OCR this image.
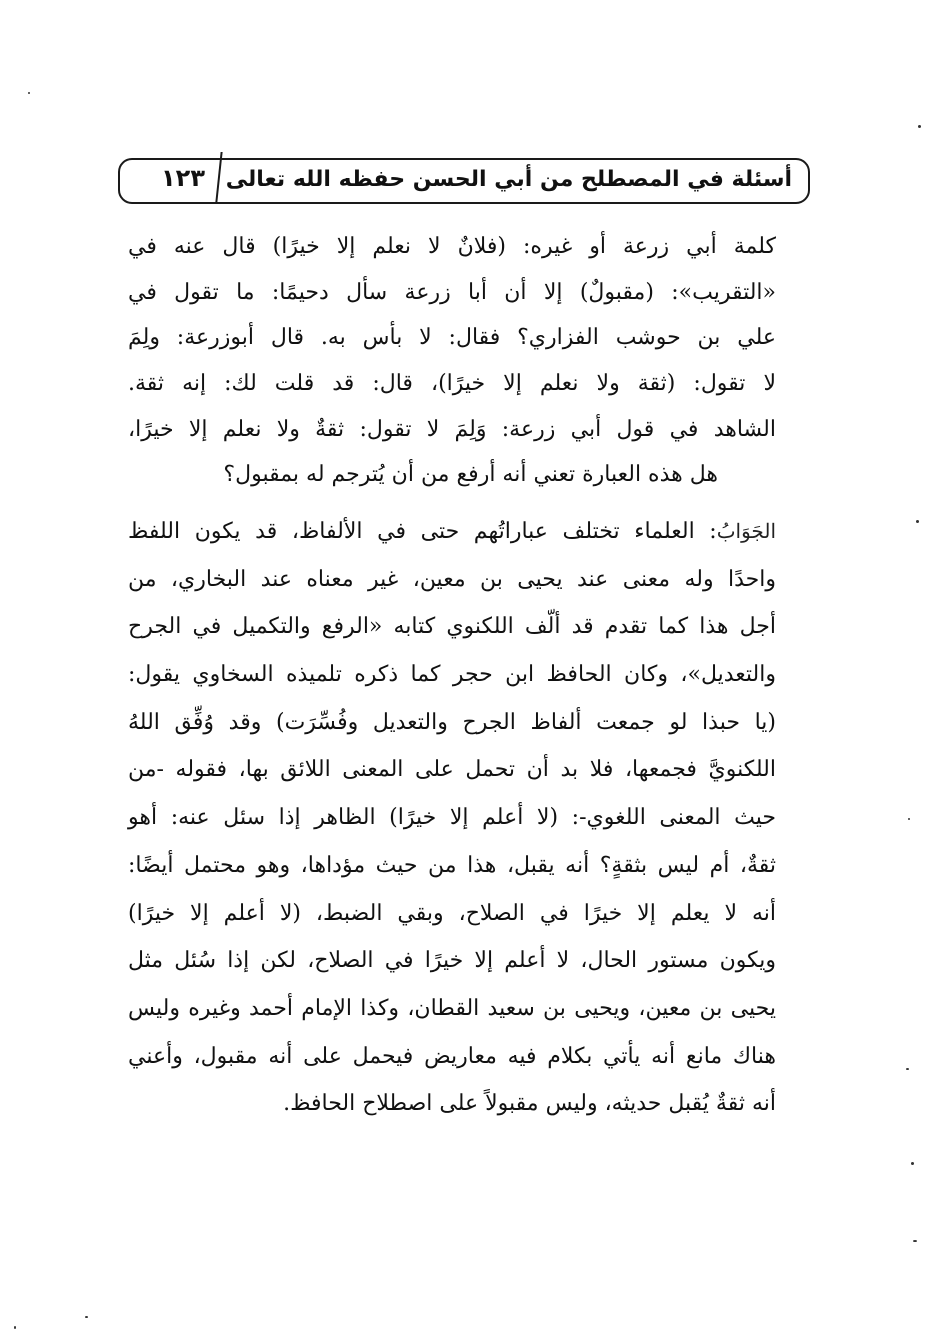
أسئلة في المصطلح من أبي الحسن حفظه الله تعالى
١٢٣
كلمة أبي زرعة أو غيره: (فلانٌ لا نعلم إلا خيرًا) قال عنه في
«التقريب»: (مقبولٌ) إلا أن أبا زرعة سأل دحيمًا: ما تقول في
علي بن حوشب الفزاري؟ فقال: لا بأس به. قال أبوزرعة: ولِمَ
لا تقول: (ثقة ولا نعلم إلا خيرًا)، قال: قد قلت لك: إنه ثقة.
الشاهد في قول أبي زرعة: وَلِمَ لا تقول: ثقةٌ ولا نعلم إلا خيرًا،
هل هذه العبارة تعني أنه أرفع من أن يُترجم له بمقبول؟
الجَوَابُ: العلماء تختلف عباراتُهم حتى في الألفاظ، قد يكون اللفظ
واحدًا وله معنى عند يحيى بن معين، غير معناه عند البخاري، من
أجل هذا كما تقدم قد ألّف اللكنوي كتابه «الرفع والتكميل في الجرح
والتعديل»، وكان الحافظ ابن حجر كما ذكره تلميذه السخاوي يقول:
(يا حبذا لو جمعت ألفاظ الجرح والتعديل وفُسِّرَت) وقد وُفِّق اللهُ
اللكنويَّ فجمعها، فلا بد أن تحمل على المعنى اللائق بها، فقوله -من
حيث المعنى اللغوي-: (لا أعلم إلا خيرًا) الظاهر إذا سئل عنه: أهو
ثقةٌ، أم ليس بثقةٍ؟ أنه يقبل، هذا من حيث مؤداها، وهو محتمل أيضًا:
أنه لا يعلم إلا خيرًا في الصلاح، وبقي الضبط، (لا أعلم إلا خيرًا)
ويكون مستور الحال، لا أعلم إلا خيرًا في الصلاح، لكن إذا سُئل مثل
يحيى بن معين، ويحيى بن سعيد القطان، وكذا الإمام أحمد وغيره وليس
هناك مانع أنه يأتي بكلام فيه معاريض فيحمل على أنه مقبول، وأعني
أنه ثقةٌ يُقبل حديثه، وليس مقبولاً على اصطلاح الحافظ.
